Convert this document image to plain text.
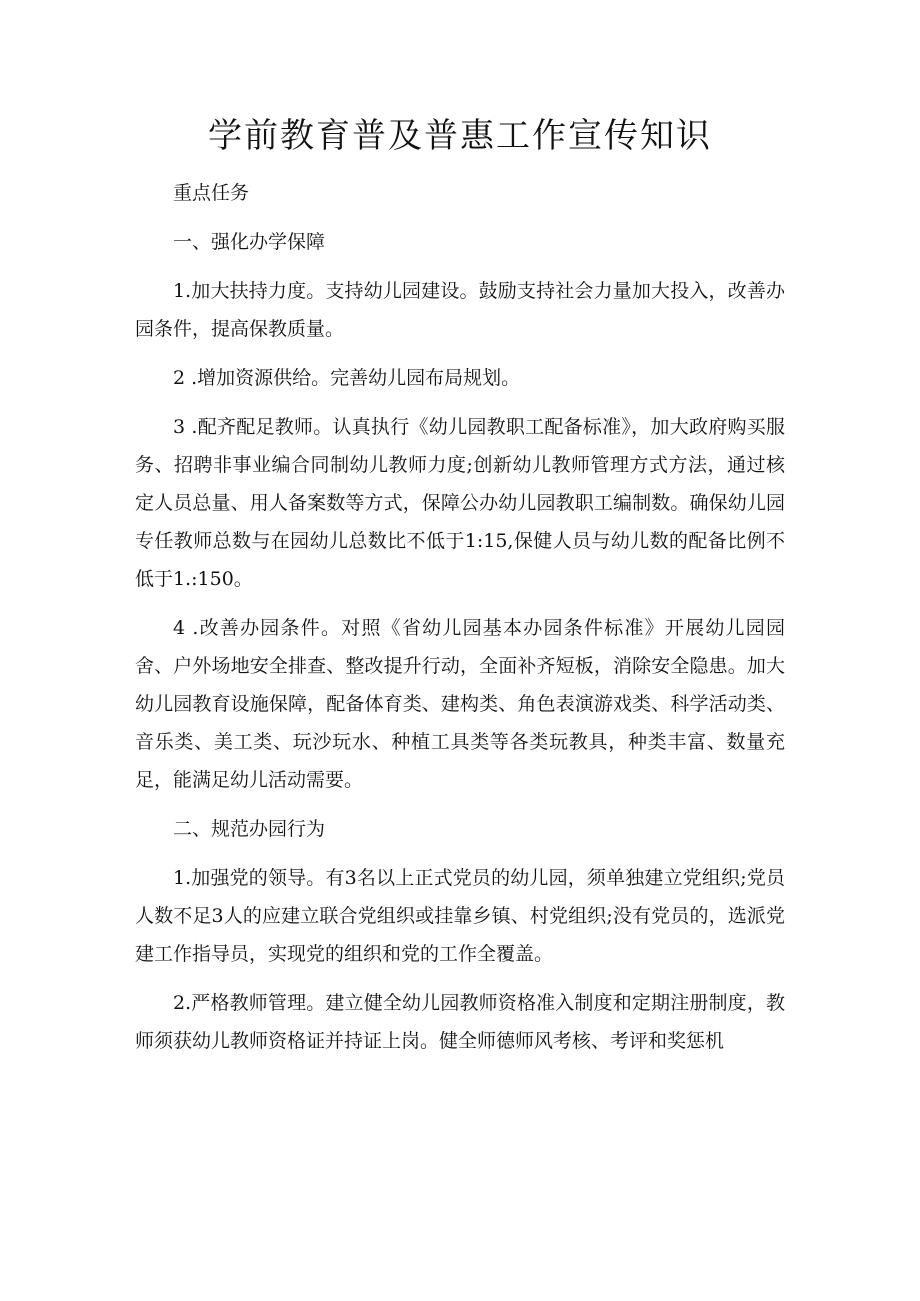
学前教育普及普惠工作宣传知识

重点任务

一、强化办学保障

1.加大扶持力度。支持幼儿园建设。鼓励支持社会力量加大投入，改善办园条件，提高保教质量。

2 .增加资源供给。完善幼儿园布局规划。

3 .配齐配足教师。认真执行《幼儿园教职工配备标准》，加大政府购买服务、招聘非事业编合同制幼儿教师力度;创新幼儿教师管理方式方法，通过核定人员总量、用人备案数等方式，保障公办幼儿园教职工编制数。确保幼儿园专任教师总数与在园幼儿总数比不低于1:15,保健人员与幼儿数的配备比例不低于1.:150。

4 .改善办园条件。对照《省幼儿园基本办园条件标准》开展幼儿园园舍、户外场地安全排查、整改提升行动，全面补齐短板，消除安全隐患。加大幼儿园教育设施保障，配备体育类、建构类、角色表演游戏类、科学活动类、音乐类、美工类、玩沙玩水、种植工具类等各类玩教具，种类丰富、数量充足，能满足幼儿活动需要。

二、规范办园行为

1.加强党的领导。有3名以上正式党员的幼儿园，须单独建立党组织;党员人数不足3人的应建立联合党组织或挂靠乡镇、村党组织;没有党员的，选派党建工作指导员，实现党的组织和党的工作全覆盖。

2.严格教师管理。建立健全幼儿园教师资格准入制度和定期注册制度，教师须获幼儿教师资格证并持证上岗。健全师德师风考核、考评和奖惩机
